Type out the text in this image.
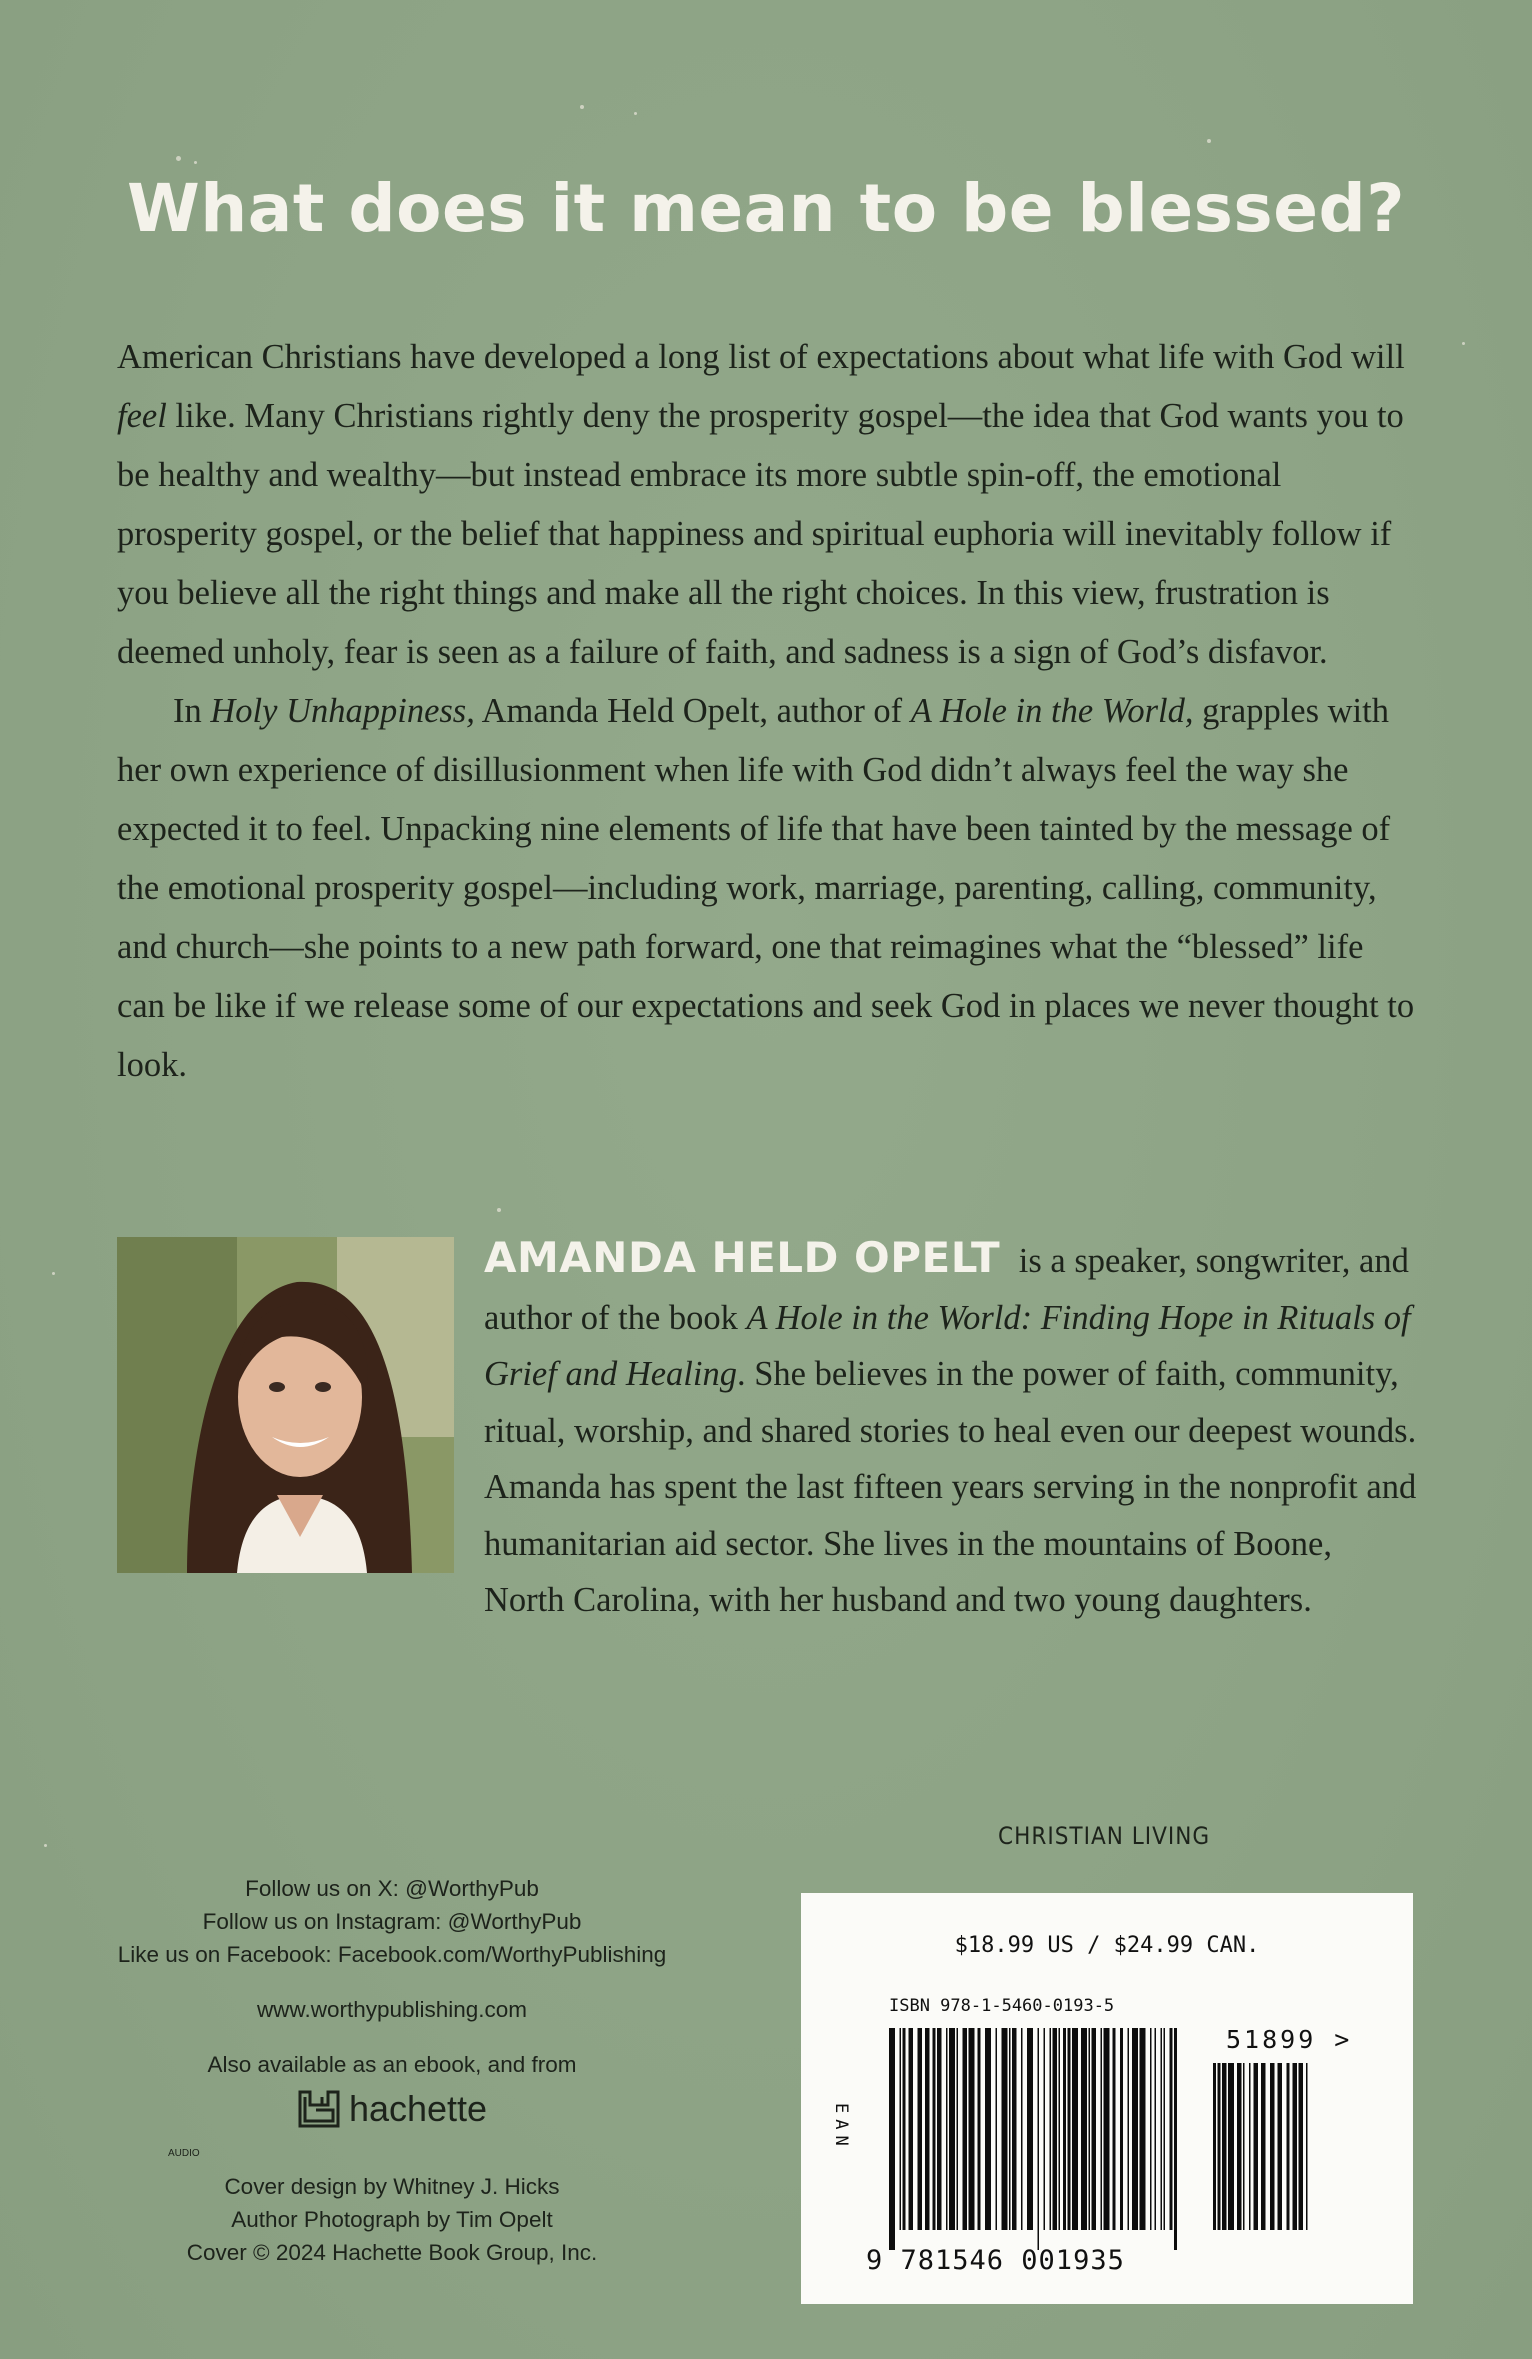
What does it mean to be blessed?

American Christians have developed a long list of expectations about what life with God will feel like. Many Christians rightly deny the prosperity gospel—the idea that God wants you to be healthy and wealthy—but instead embrace its more subtle spin-off, the emotional prosperity gospel, or the belief that happiness and spiritual euphoria will inevitably follow if you believe all the right things and make all the right choices. In this view, frustration is deemed unholy, fear is seen as a failure of faith, and sadness is a sign of God’s disfavor.

In Holy Unhappiness, Amanda Held Opelt, author of A Hole in the World, grapples with her own experience of disillusionment when life with God didn’t always feel the way she expected it to feel. Unpacking nine elements of life that have been tainted by the message of the emotional prosperity gospel—including work, marriage, parenting, calling, community, and church—she points to a new path forward, one that reimagines what the “blessed” life can be like if we release some of our expectations and seek God in places we never thought to look.

AMANDA HELD OPELT is a speaker, songwriter, and author of the book A Hole in the World: Finding Hope in Rituals of Grief and Healing. She believes in the power of faith, community, ritual, worship, and shared stories to heal even our deepest wounds. Amanda has spent the last fifteen years serving in the nonprofit and humanitarian aid sector. She lives in the mountains of Boone, North Carolina, with her husband and two young daughters.
CHRISTIAN LIVING
Follow us on X: @WorthyPub
Follow us on Instagram: @WorthyPub
Like us on Facebook: Facebook.com/WorthyPublishing
www.worthypublishing.com
Also available as an ebook, and from
hachette
AUDIO
Cover design by Whitney J. Hicks
Author Photograph by Tim Opelt
Cover © 2024 Hachette Book Group, Inc.
$18.99 US / $24.99 CAN.
ISBN 978-1-5460-0193-5
EAN
51899 >
9 781546 001935
